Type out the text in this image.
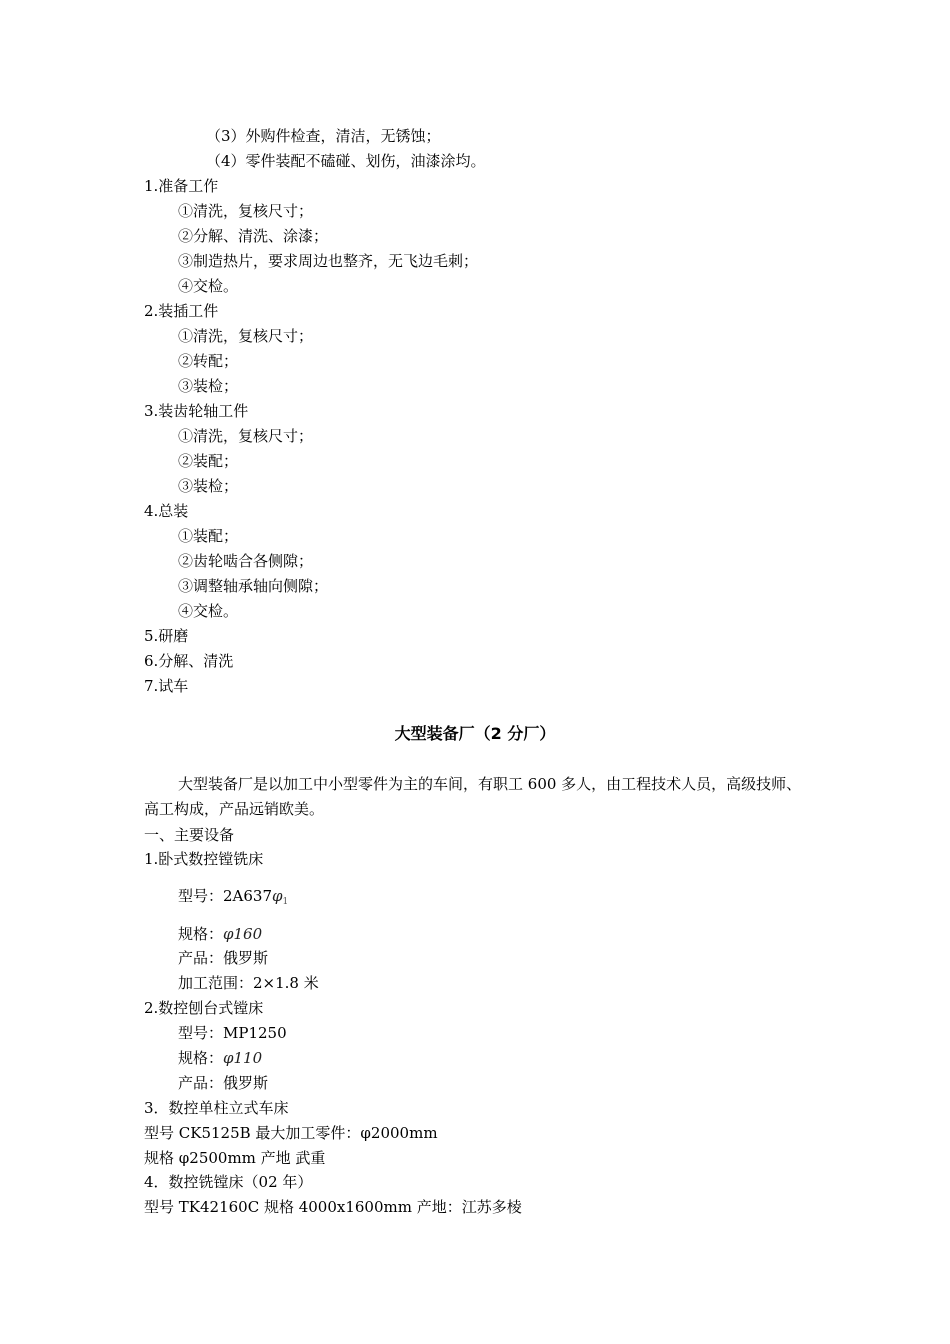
（3）外购件检查，清洁，无锈蚀；
（4）零件装配不磕碰、划伤，油漆涂均。
1.准备工作
①清洗，复核尺寸；
②分解、清洗、涂漆；
③制造热片，要求周边也整齐，无飞边毛刺；
④交检。
2.装插工件
①清洗，复核尺寸；
②转配；
③装检；
3.装齿轮轴工件
①清洗，复核尺寸；
②装配；
③装检；
4.总装
①装配；
②齿轮啮合各侧隙；
③调整轴承轴向侧隙；
④交检。
5.研磨
6.分解、清洗
7.试车
大型装备厂（2 分厂）
大型装备厂是以加工中小型零件为主的车间，有职工 600 多人，由工程技术人员，高级技师、高工构成，产品远销欧美。
一、主要设备
1.卧式数控镗铣床
型号：$2A637\varphi_1$
规格：φ160
产品：俄罗斯
加工范围：2×1.8 米
2.数控刨台式镗床
型号：MP1250
规格：φ110
产品：俄罗斯
3．数控单柱立式车床
型号 CK5125B 最大加工零件：φ2000mm
规格 φ2500mm 产地 武重
4．数控铣镗床（02 年）
型号 TK42160C 规格 4000x1600mm 产地：江苏多棱
